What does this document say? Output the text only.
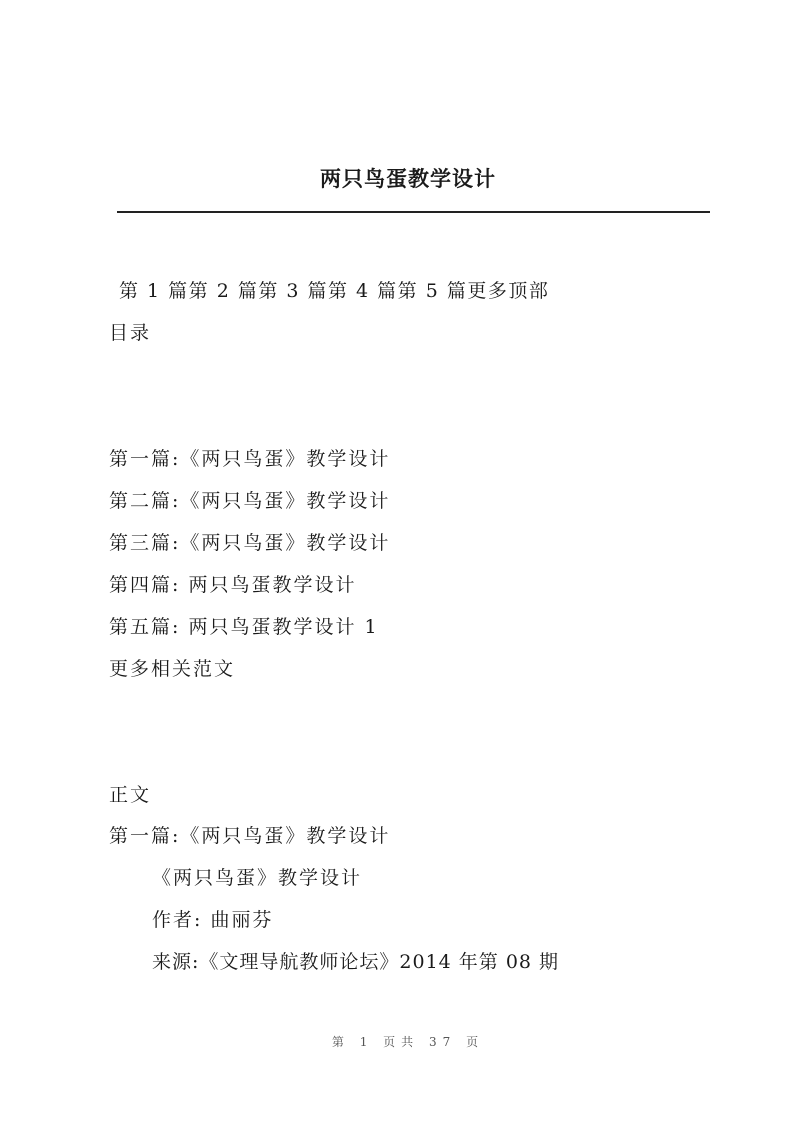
两只鸟蛋教学设计
第 1 篇第 2 篇第 3 篇第 4 篇第 5 篇更多顶部
目录
第一篇:《两只鸟蛋》教学设计
第二篇:《两只鸟蛋》教学设计
第三篇:《两只鸟蛋》教学设计
第四篇: 两只鸟蛋教学设计
第五篇: 两只鸟蛋教学设计 1
更多相关范文
正文
第一篇:《两只鸟蛋》教学设计
《两只鸟蛋》教学设计
作者: 曲丽芬
来源:《文理导航教师论坛》2014 年第 08 期
第 1 页共 37 页
